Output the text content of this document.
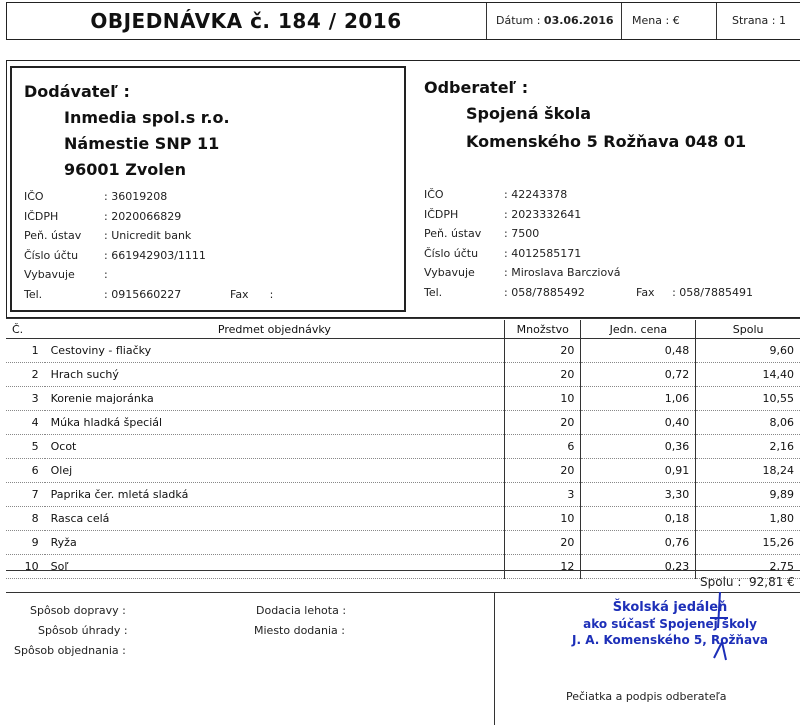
OBJEDNÁVKA č. 184 / 2016	Dátum : 03.06.2016 Mena : €	Strana : 1
Dodávateľ :
Inmedia spol.s r.o.
Námestie SNP 11
96001 Zvolen
IČO	: 36019208
IČDPH	: 2020066829
Peň. ústav : Unicredit bank
Číslo účtu : 661942903/1111
Vybavuje	:
Tel.	: 0915660227	Fax :
Odberateľ :
Spojená škola
Komenského 5 Rožňava 048 01
IČO	: 42243378
IČDPH	: 2023332641
Peň. ústav : 7500
Číslo účtu : 4012585171
Vybavuje	: Miroslava Barcziová
Tel.	: 058/7885492	Fax : 058/7885491
Č.	Predmet objednávky	Množstvo	Jedn. cena	Spolu
1	Cestoviny - fliačky	20	0,48	9,60
2	Hrach suchý	20	0,72	14,40
3	Korenie majoránka	10	1,06	10,55
4	Múka hladká špeciál	20	0,40	8,06
5	Ocot	6	0,36	2,16
6	Olej	20	0,91	18,24
7	Paprika čer. mletá sladká	3	3,30	9,89
8	Rasca celá	10	0,18	1,80
9	Ryža	20	0,76	15,26
10	Soľ	12	0,23	2,75
Spolu : 92,81 €
Spôsob dopravy :
Spôsob úhrady :
Spôsob objednania :
Dodacia lehota :
Miesto dodania :
Školská jedáleň
ako súčasť Spojenej školy
J. A. Komenského 5, Rožňava
Pečiatka a podpis odberateľa
